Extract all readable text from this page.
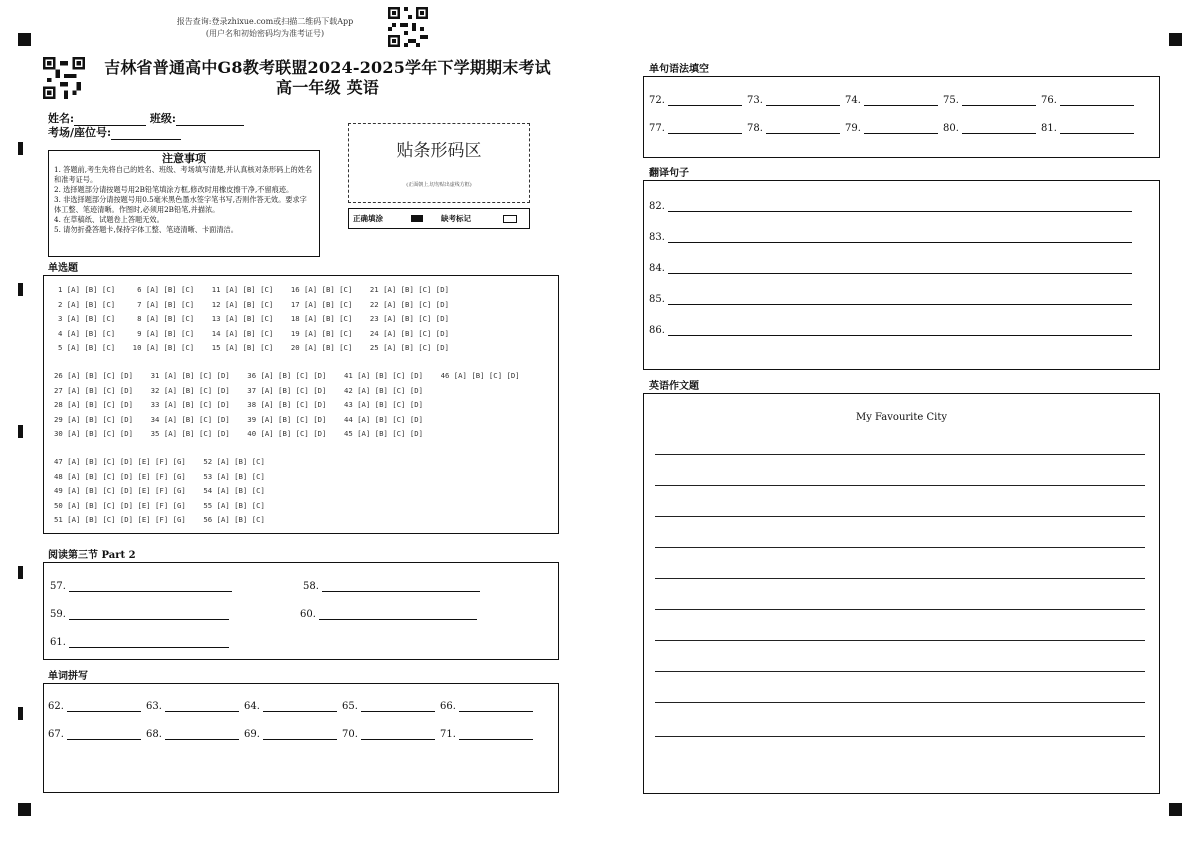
报告查询:登录zhixue.com或扫描二维码下载App
(用户名和初始密码均为准考证号)
吉林省普通高中G8教考联盟2024-2025学年下学期期末考试
高一年级 英语
姓名:	班级:
考场/座位号:
注意事项
1. 答题前,考生先将自己的姓名、班级、考场填写清楚,并认真核对条形码上的姓名和准考证号。
2. 选择题部分请按题号用2B铅笔填涂方框,修改时用橡皮擦干净,不留痕迹。
3. 非选择题部分请按题号用0.5毫米黑色墨水签字笔书写,否则作答无效。要求字体工整、笔迹清晰。作图时,必须用2B铅笔,并描浓。
4. 在草稿纸、试题卷上答题无效。
5. 请勿折叠答题卡,保持字体工整、笔迹清晰、卡面清洁。
贴条形码区
(正面朝上,切勿贴出虚线方框)
正确填涂	缺考标记
单选题
1 [A] [B] [C]     6 [A] [B] [C]    11 [A] [B] [C]    16 [A] [B] [C]    21 [A] [B] [C] [D]
2 [A] [B] [C]     7 [A] [B] [C]    12 [A] [B] [C]    17 [A] [B] [C]    22 [A] [B] [C] [D]
3 [A] [B] [C]     8 [A] [B] [C]    13 [A] [B] [C]    18 [A] [B] [C]    23 [A] [B] [C] [D]
4 [A] [B] [C]     9 [A] [B] [C]    14 [A] [B] [C]    19 [A] [B] [C]    24 [A] [B] [C] [D]
5 [A] [B] [C]    10 [A] [B] [C]    15 [A] [B] [C]    20 [A] [B] [C]    25 [A] [B] [C] [D]
26 [A] [B] [C] [D]    31 [A] [B] [C] [D]    36 [A] [B] [C] [D]    41 [A] [B] [C] [D]    46 [A] [B] [C] [D]
27 [A] [B] [C] [D]    32 [A] [B] [C] [D]    37 [A] [B] [C] [D]    42 [A] [B] [C] [D]
28 [A] [B] [C] [D]    33 [A] [B] [C] [D]    38 [A] [B] [C] [D]    43 [A] [B] [C] [D]
29 [A] [B] [C] [D]    34 [A] [B] [C] [D]    39 [A] [B] [C] [D]    44 [A] [B] [C] [D]
30 [A] [B] [C] [D]    35 [A] [B] [C] [D]    40 [A] [B] [C] [D]    45 [A] [B] [C] [D]
47 [A] [B] [C] [D] [E] [F] [G]    52 [A] [B] [C]
48 [A] [B] [C] [D] [E] [F] [G]    53 [A] [B] [C]
49 [A] [B] [C] [D] [E] [F] [G]    54 [A] [B] [C]
50 [A] [B] [C] [D] [E] [F] [G]    55 [A] [B] [C]
51 [A] [B] [C] [D] [E] [F] [G]    56 [A] [B] [C]
阅读第三节 Part 2
57.	58.
59.	60.
61.
单词拼写
62.	63.	64.	65.	66.
67.	68.	69.	70.	71.
单句语法填空
72.	73.	74.	75.	76.
77.	78.	79.	80.	81.
翻译句子
82.
83.
84.
85.
86.
英语作文题
My Favourite City
